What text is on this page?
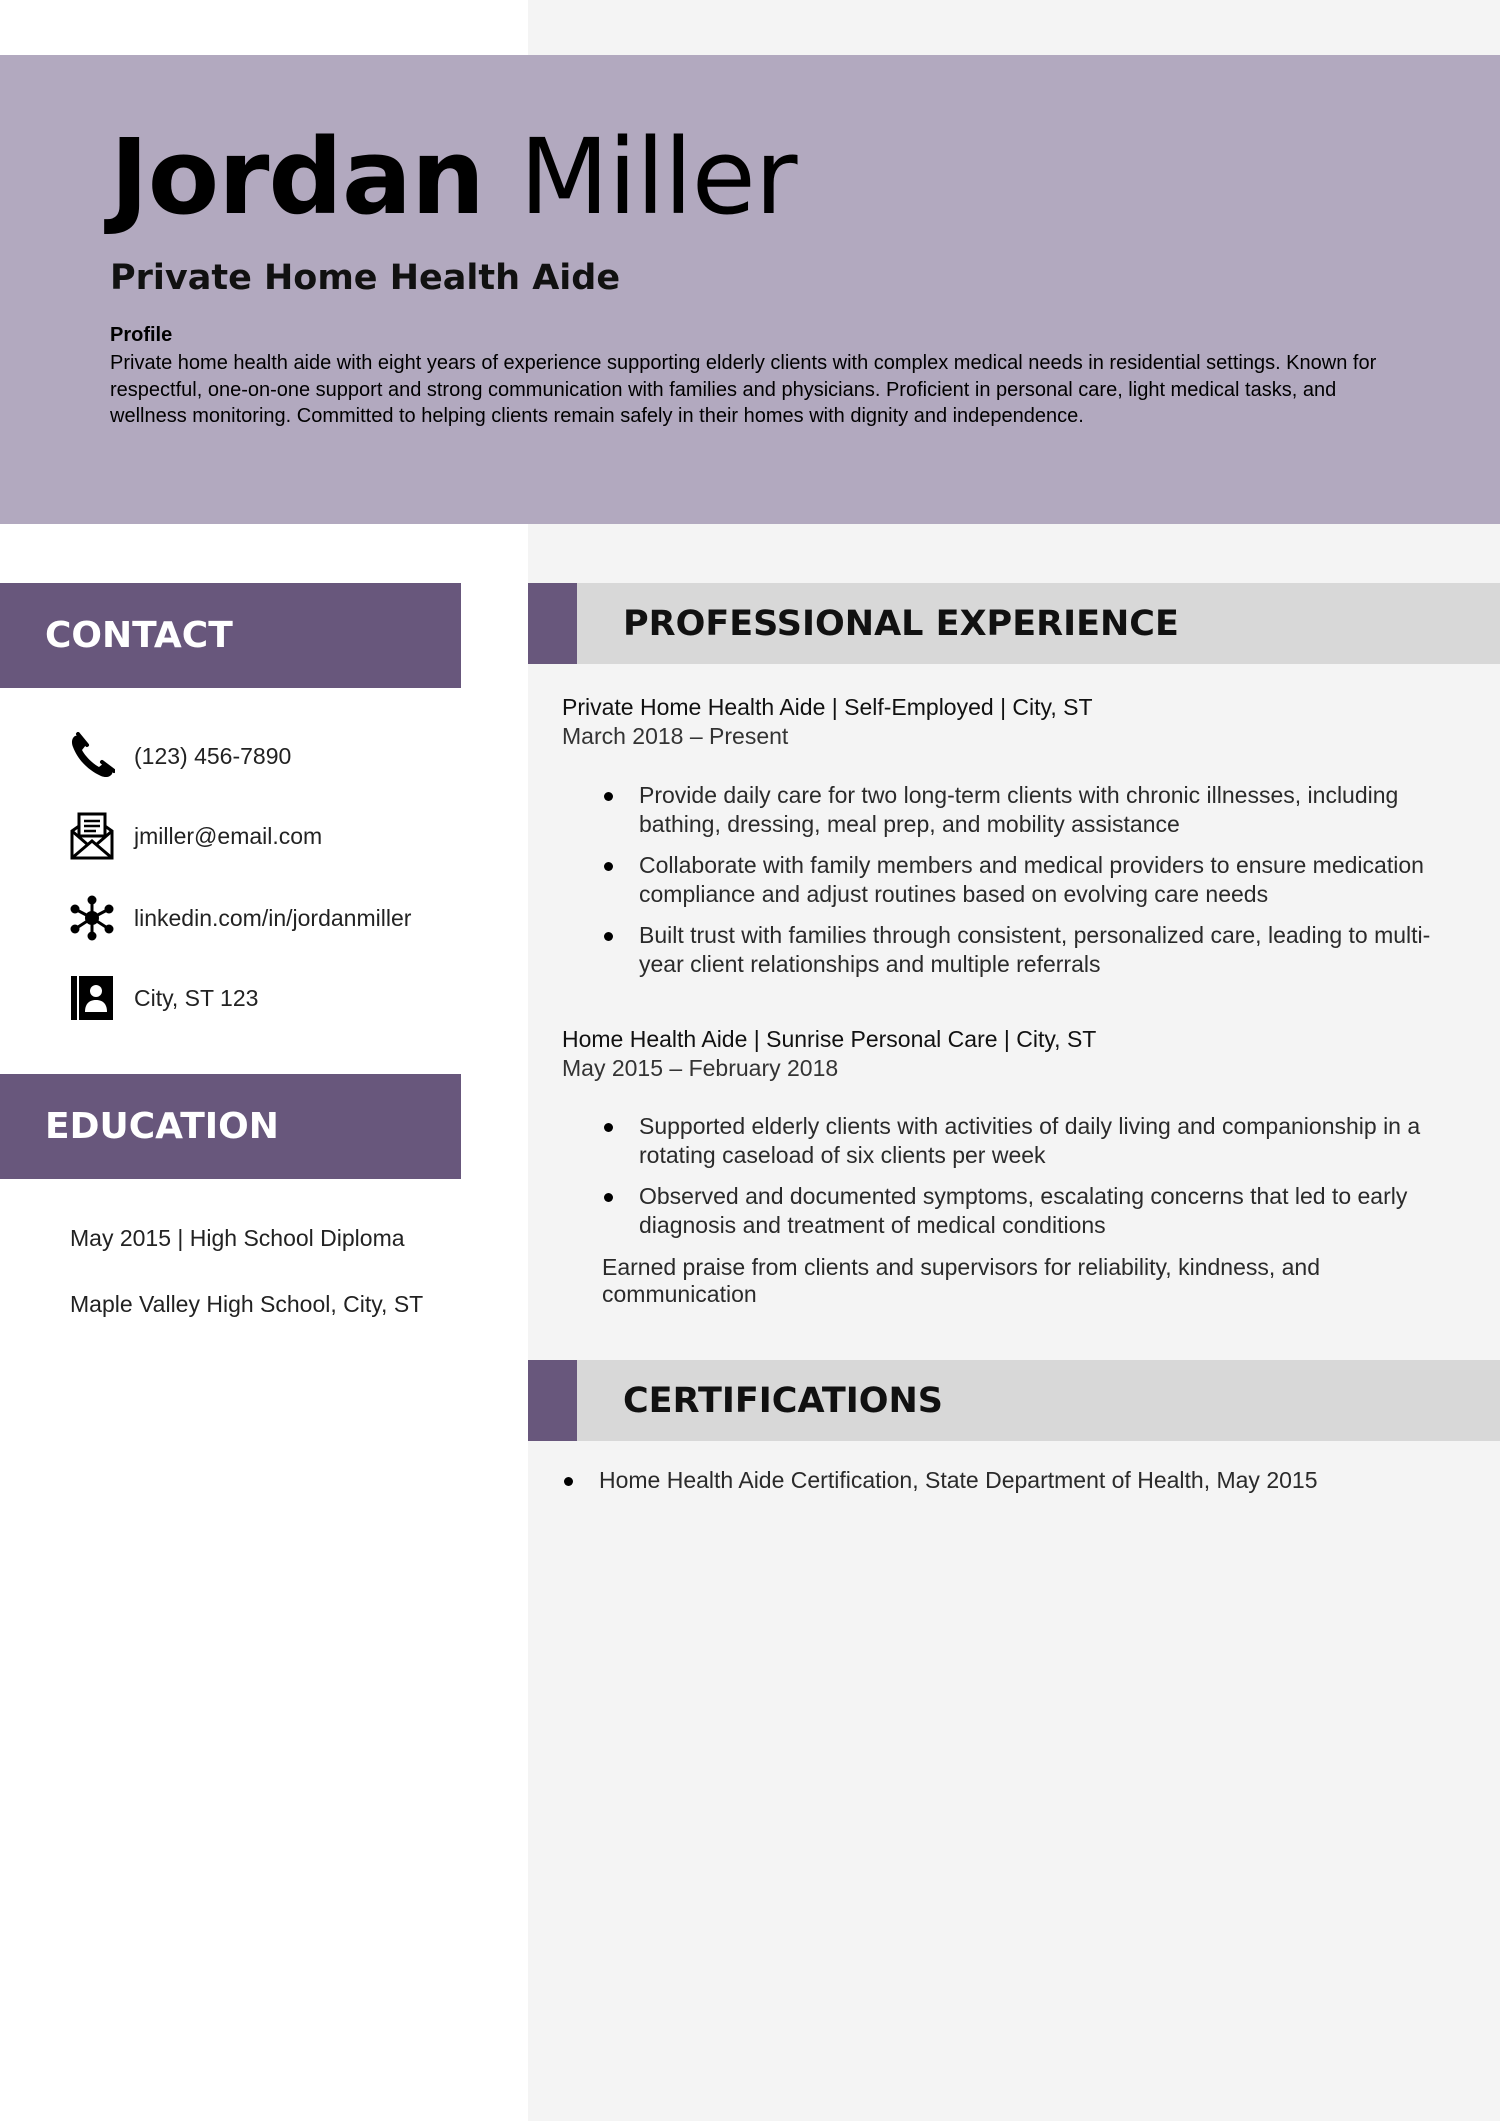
Jordan Miller
Private Home Health Aide
Profile

Private home health aide with eight years of experience supporting elderly clients with complex medical needs in residential settings. Known for respectful, one-on-one support and strong communication with families and physicians. Proficient in personal care, light medical tasks, and wellness monitoring. Committed to helping clients remain safely in their homes with dignity and independence.

CONTACT
(123) 456-7890
jmiller@email.com
linkedin.com/in/jordanmiller
City, ST 123
EDUCATION
May 2015 | High School Diploma
Maple Valley High School, City, ST
PROFESSIONAL EXPERIENCE
Private Home Health Aide | Self-Employed | City, ST
March 2018 – Present
Provide daily care for two long-term clients with chronic illnesses, including bathing, dressing, meal prep, and mobility assistance
Collaborate with family members and medical providers to ensure medication compliance and adjust routines based on evolving care needs
Built trust with families through consistent, personalized care, leading to multi-year client relationships and multiple referrals
Home Health Aide | Sunrise Personal Care | City, ST
May 2015 – February 2018
Supported elderly clients with activities of daily living and companionship in a rotating caseload of six clients per week
Observed and documented symptoms, escalating concerns that led to early diagnosis and treatment of medical conditions

Earned praise from clients and supervisors for reliability, kindness, and communication

CERTIFICATIONS
Home Health Aide Certification, State Department of Health, May 2015
